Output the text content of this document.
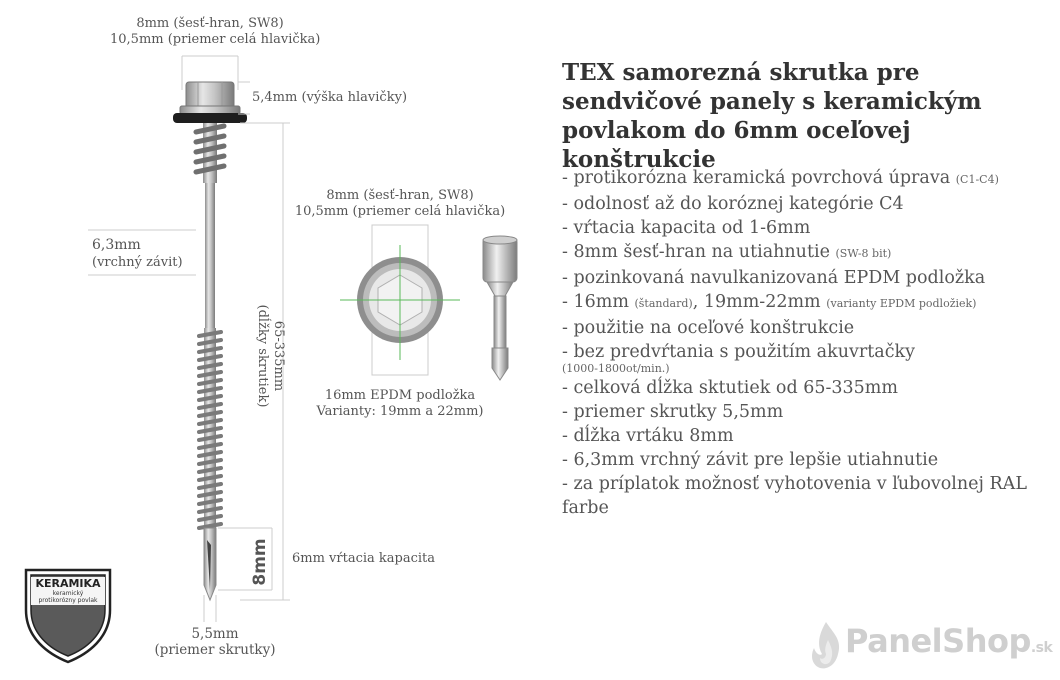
8mm (šesť-hran, SW8)
10,5mm (priemer celá hlavička)
5,4mm (výška hlavičky)
6,3mm
(vrchný závit)
65-335mm
(dĺžky skrutiek)
8mm 6mm vŕtacia kapacita
5,5mm
(priemer skrutky)
8mm (šesť-hran, SW8)
10,5mm (priemer celá hlavička)
16mm EPDM podložka
Varianty: 19mm a 22mm)
TEX samorezná skrutka pre sendvičové panely s keramickým povlakom do 6mm oceľovej konštrukcie
- protikorózna keramická povrchová úprava (C1-C4)
- odolnosť až do koróznej kategórie C4
- vŕtacia kapacita od 1-6mm
- 8mm šesť-hran na utiahnutie (SW-8 bit)
- pozinkovaná navulkanizovaná EPDM podložka
- 16mm (štandard), 19mm-22mm (varianty EPDM podložiek)
- použitie na oceľové konštrukcie
- bez predvŕtania s použitím akuvrtačky
(1000-1800ot/min.)
- celková dĺžka sktutiek od 65-335mm
- priemer skrutky 5,5mm
- dĺžka vrtáku 8mm
- 6,3mm vrchný závit pre lepšie utiahnutie
- za príplatok možnosť vyhotovenia v ľubovolnej RAL farbe
KERAMIKA
keramický
protikorózny povlak
PanelShop.sk
